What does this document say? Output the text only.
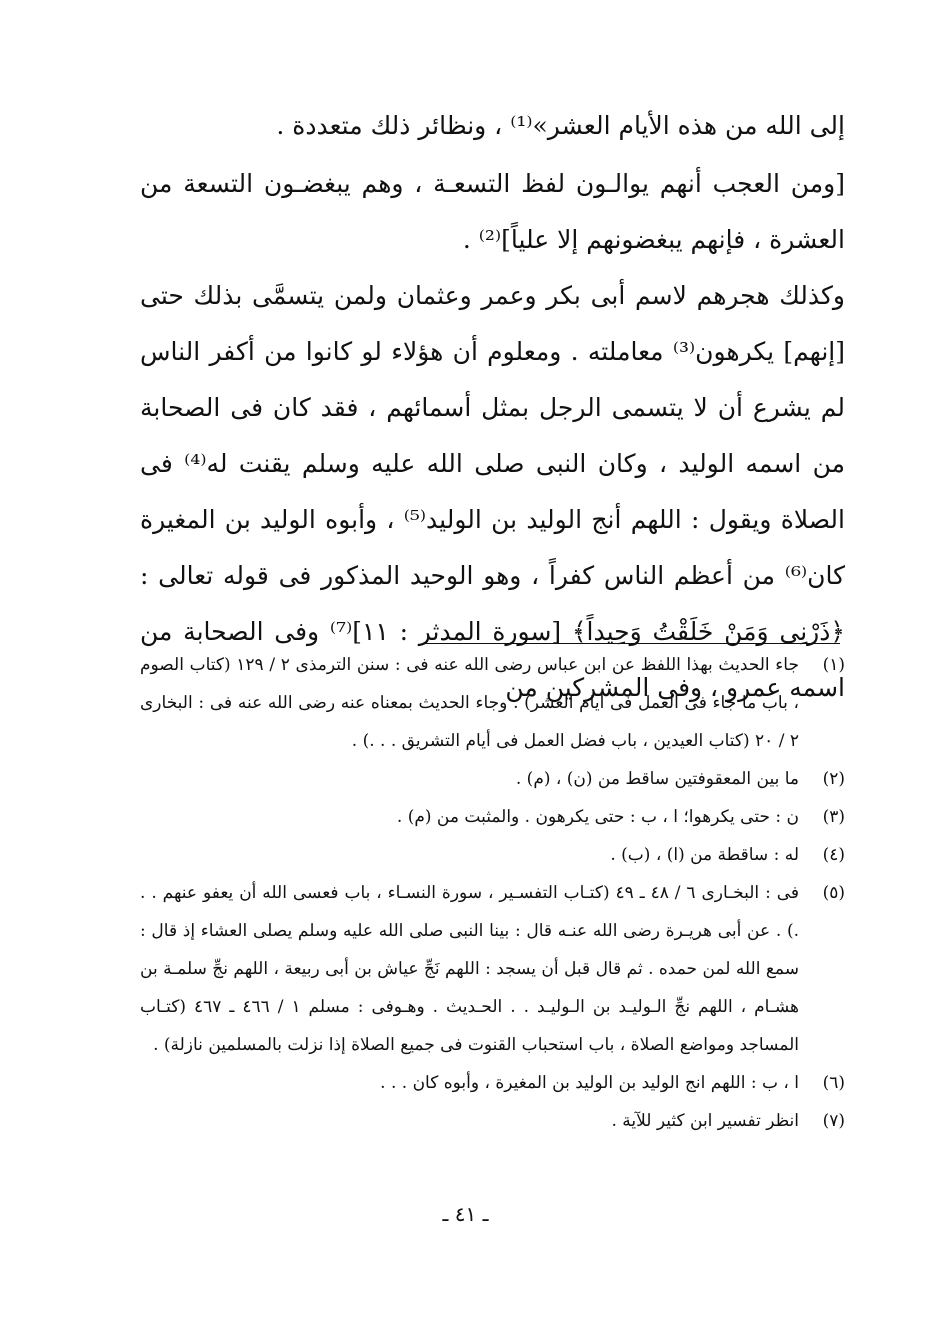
إلى الله من هذه الأيام العشر»⁽¹⁾ ، ونظائر ذلك متعددة .

[ومن العجب أنهم يوالـون لفظ التسعـة ، وهم يبغضـون التسعة من العشرة ، فإنهم يبغضونهم إلا علياً]⁽²⁾ .

وكذلك هجرهم لاسم أبى بكر وعمر وعثمان ولمن يتسمَّى بذلك حتى [إنهم] يكرهون⁽³⁾ معاملته . ومعلوم أن هؤلاء لو كانوا من أكفر الناس لم يشرع أن لا يتسمى الرجل بمثل أسمائهم ، فقد كان فى الصحابة من اسمه الوليد ، وكان النبى صلى الله عليه وسلم يقنت له⁽⁴⁾ فى الصلاة ويقول : اللهم أنج الوليد بن الوليد⁽⁵⁾ ، وأبوه الوليد بن المغيرة كان⁽⁶⁾ من أعظم الناس كفراً ، وهو الوحيد المذكور فى قوله تعالى : ﴿ذَرْنِى وَمَنْ خَلَقْتُ وَحِيداً﴾ [سورة المدثر : ١١]⁽⁷⁾ وفى الصحابة من اسمه عمرو ، وفى المشركين من

(١)
جاء الحديث بهذا اللفظ عن ابن عباس رضى الله عنه فى : سنن الترمذى ٢ / ١٢٩ (كتاب الصوم ، باب ما جاء فى العمل فى أيام العشر) . وجاء الحديث بمعناه عنه رضى الله عنه فى : البخارى ٢ / ٢٠ (كتاب العيدين ، باب فضل العمل فى أيام التشريق . . .) .
(٢)
ما بين المعقوفتين ساقط من (ن) ، (م) .
(٣)
ن : حتى يكرهوا؛ ا ، ب : حتى يكرهون . والمثبت من (م) .
(٤)
له : ساقطة من (ا) ، (ب) .
(٥)
فى : البخـارى ٦ / ٤٨ ـ ٤٩ (كتـاب التفسـير ، سورة النسـاء ، باب فعسى الله أن يعفو عنهم . . .) . عن أبى هريـرة رضى الله عنـه قال : بينا النبى صلى الله عليه وسلم يصلى العشاء إذ قال : سمع الله لمن حمده . ثم قال قبل أن يسجد : اللهم نَجِّ عياش بن أبى ربيعة ، اللهم نجِّ سلمـة بن هشـام ، اللهم نجِّ الـوليـد بن الـوليـد . . الحـديث . وهـوفى : مسلم ١ / ٤٦٦ ـ ٤٦٧ (كتـاب المساجد ومواضع الصلاة ، باب استحباب القنوت فى جميع الصلاة إذا نزلت بالمسلمين نازلة) .
(٦)
ا ، ب : اللهم انج الوليد بن الوليد بن المغيرة ، وأبوه كان . . .
(٧)
انظر تفسير ابن كثير للآية .
ـ ٤١ ـ
